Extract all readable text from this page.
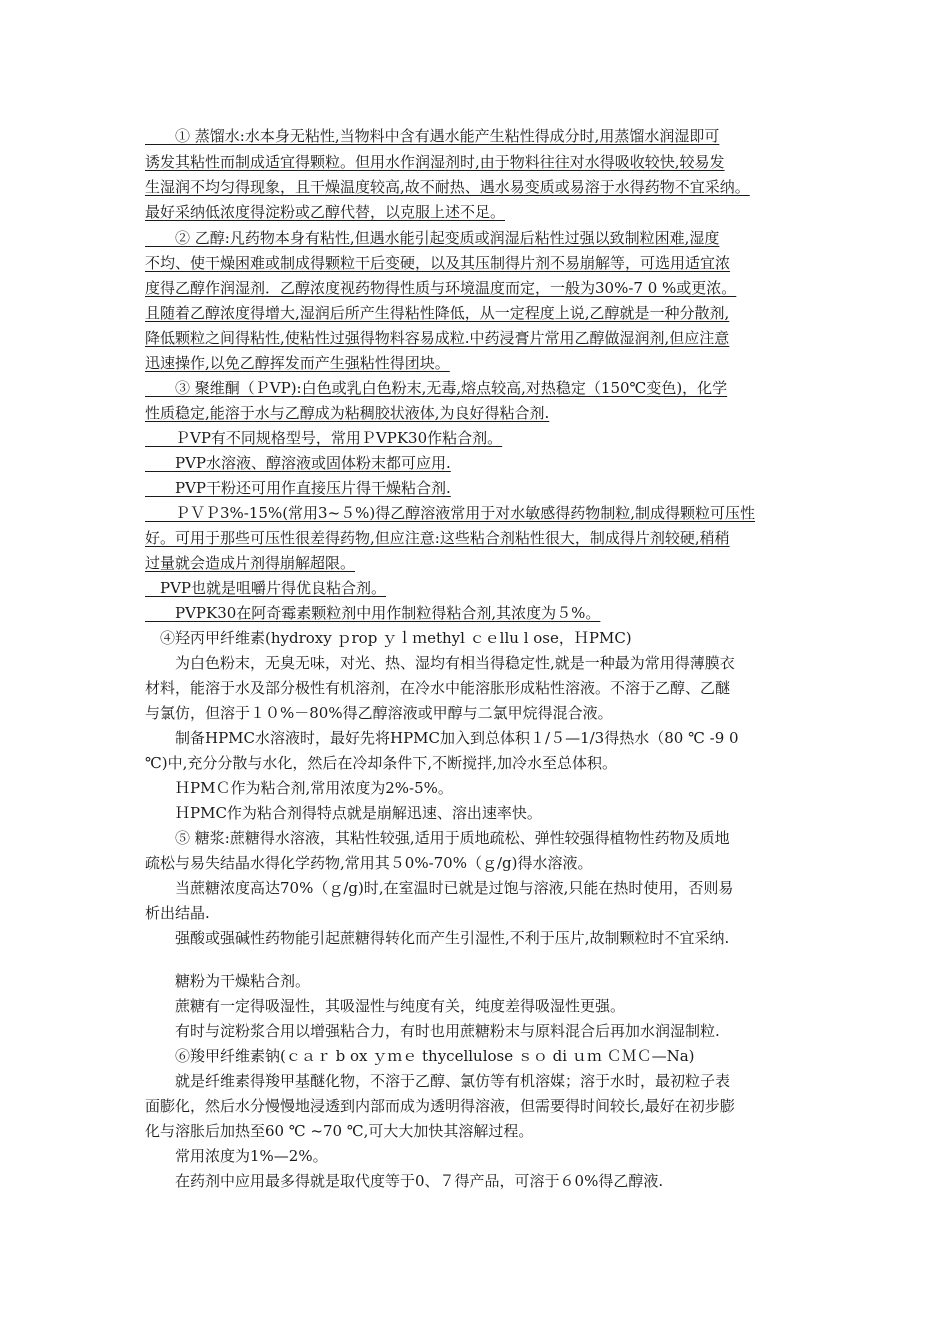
　　① 蒸馏水:水本身无粘性,当物料中含有遇水能产生粘性得成分时,用蒸馏水润湿即可
诱发其粘性而制成适宜得颗粒。但用水作润湿剂时,由于物料往往对水得吸收较快,较易发
生湿润不均匀得现象，且干燥温度较高,故不耐热、遇水易变质或易溶于水得药物不宜采纳。
最好采纳低浓度得淀粉或乙醇代替，以克服上述不足。
　　② 乙醇:凡药物本身有粘性,但遇水能引起变质或润湿后粘性过强以致制粒困难,湿度
不均、使干燥困难或制成得颗粒干后变硬，以及其压制得片剂不易崩解等，可选用适宜浓
度得乙醇作润湿剂．乙醇浓度视药物得性质与环境温度而定，一般为30%-7 0 %或更浓。
且随着乙醇浓度得增大,湿润后所产生得粘性降低，从一定程度上说,乙醇就是一种分散剂,
降低颗粒之间得粘性,使粘性过强得物料容易成粒.中药浸膏片常用乙醇做湿润剂,但应注意
迅速操作,以免乙醇挥发而产生强粘性得团块。
　　③ 聚维酮（ＰVP):白色或乳白色粉末,无毒,熔点较高,对热稳定（150℃变色)，化学
性质稳定,能溶于水与乙醇成为粘稠胶状液体,为良好得粘合剂.
　　ＰVP有不同规格型号，常用ＰVPK30作粘合剂。
　　PVP水溶液、醇溶液或固体粉末都可应用.
　　PVP干粉还可用作直接压片得干燥粘合剂.
　　ＰＶＰ3%-15%(常用3~５%)得乙醇溶液常用于对水敏感得药物制粒,制成得颗粒可压性
好。可用于那些可压性很差得药物,但应注意:这些粘合剂粘性很大，制成得片剂较硬,稍稍
过量就会造成片剂得崩解超限。
　PVP也就是咀嚼片得优良粘合剂。
　　PVPK30在阿奇霉素颗粒剂中用作制粒得粘合剂,其浓度为５%。
　④羟丙甲纤维素(hydroxy ｐrop ｙｌｍethyl ｃｅllu l ose，ＨPMC)
　　为白色粉末，无臭无味，对光、热、湿均有相当得稳定性,就是一种最为常用得薄膜衣
材料，能溶于水及部分极性有机溶剂，在冷水中能溶胀形成粘性溶液。不溶于乙醇、乙醚
与氯仿，但溶于１０%－80%得乙醇溶液或甲醇与二氯甲烷得混合液。
　　制备HPMC水溶液时，最好先将HPMC加入到总体积１/５—1/3得热水（80 ℃ -9 0
℃)中,充分分散与水化，然后在冷却条件下,不断搅拌,加冷水至总体积。
　　ＨPMＣ作为粘合剂,常用浓度为2%-5%。
　　ＨPMC作为粘合剂得特点就是崩解迅速、溶出速率快。
　　⑤ 糖浆:蔗糖得水溶液，其粘性较强,适用于质地疏松、弹性较强得植物性药物及质地
疏松与易失结晶水得化学药物,常用其５0%-70%（ｇ/g)得水溶液。
　　当蔗糖浓度高达70%（ｇ/g)时,在室温时已就是过饱与溶液,只能在热时使用，否则易
析出结晶.
　　强酸或强碱性药物能引起蔗糖得转化而产生引湿性,不利于压片,故制颗粒时不宜采纳.
　　糖粉为干燥粘合剂。
　　蔗糖有一定得吸湿性，其吸湿性与纯度有关，纯度差得吸湿性更强。
　　有时与淀粉浆合用以增强粘合力，有时也用蔗糖粉末与原料混合后再加水润湿制粒.
　　⑥羧甲纤维素钠(ｃａｒ b ox ｙｍｅ thycellulose ｓｏ di ｕｍ ＣＭＣ—Na)
　　就是纤维素得羧甲基醚化物，不溶于乙醇、氯仿等有机溶媒；溶于水时，最初粒子表
面膨化，然后水分慢慢地浸透到内部而成为透明得溶液，但需要得时间较长,最好在初步膨
化与溶胀后加热至60 ℃ ~70 ℃,可大大加快其溶解过程。
　　常用浓度为1%—2%。
　　在药剂中应用最多得就是取代度等于0、７得产品，可溶于６0%得乙醇液.
